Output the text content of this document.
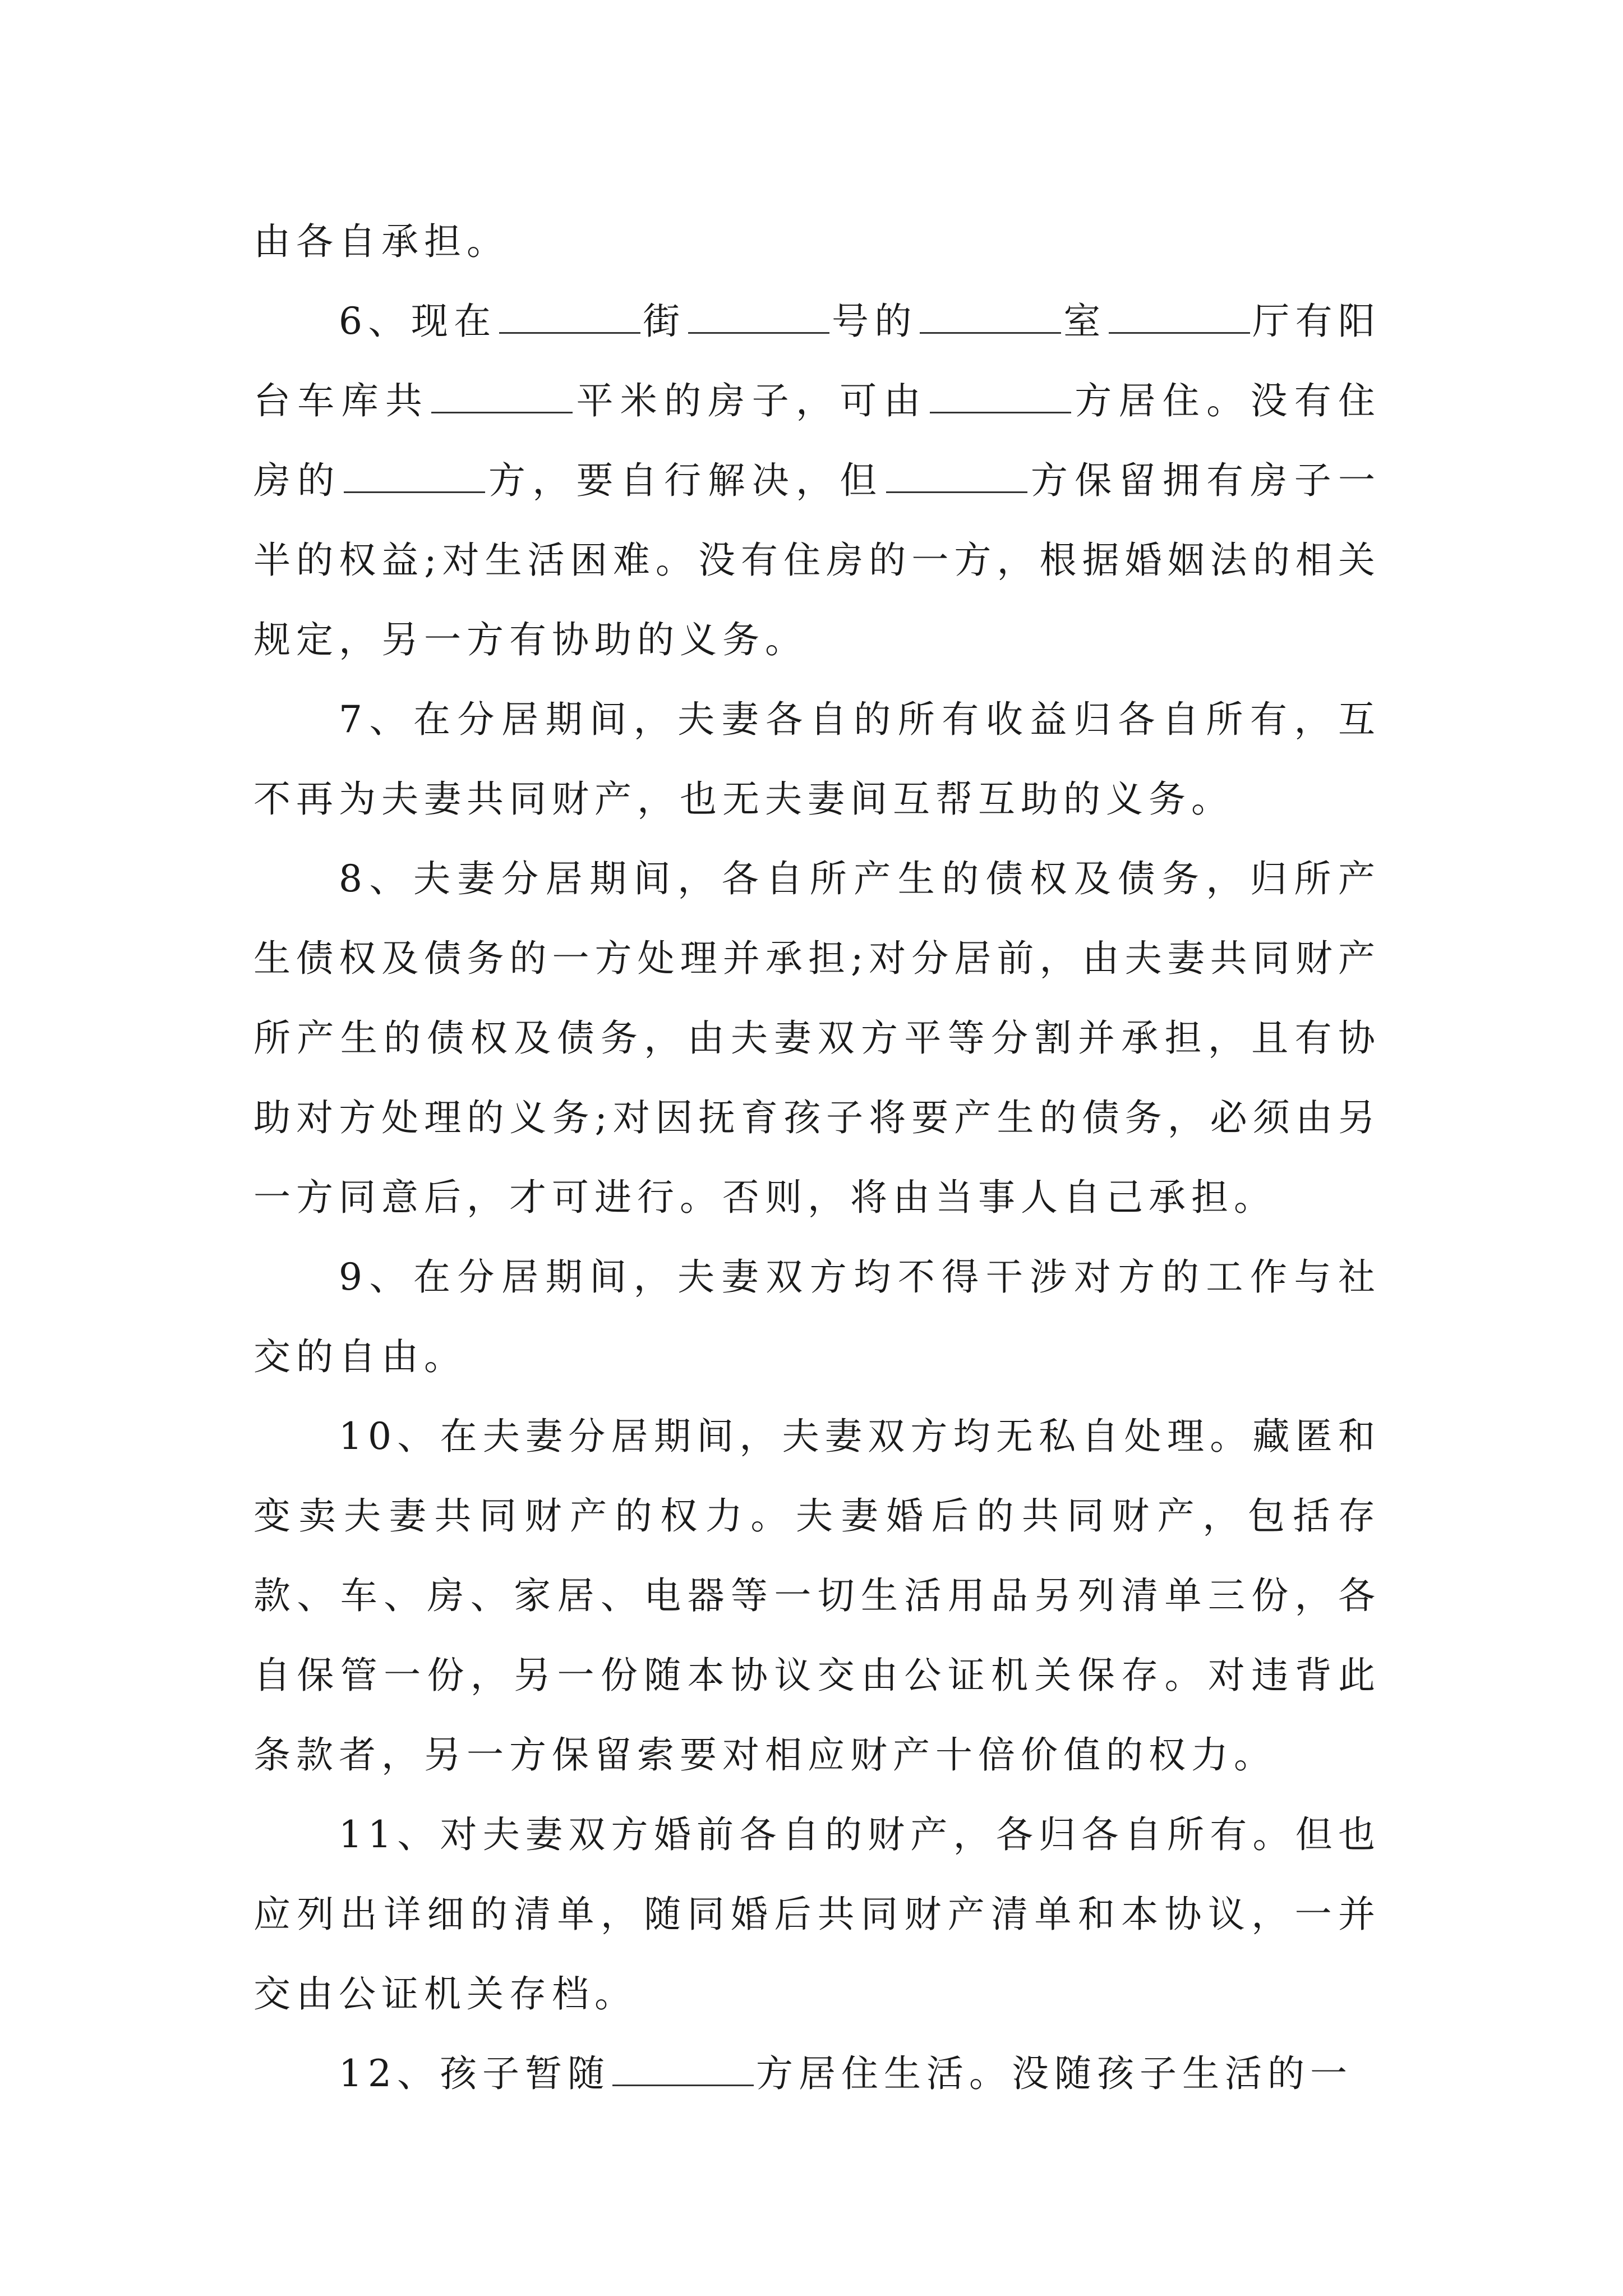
由各自承担。

6、现在	街	号的	室	厅有阳台车库共	平米的房子，可由	方居住。没有住房的	方，要自行解决，但	方保留拥有房子一半的权益;对生活困难。没有住房的一方，根据婚姻法的相关规定，另一方有协助的义务。

7、在分居期间，夫妻各自的所有收益归各自所有，互不再为夫妻共同财产，也无夫妻间互帮互助的义务。

8、夫妻分居期间，各自所产生的债权及债务，归所产生债权及债务的一方处理并承担;对分居前，由夫妻共同财产所产生的债权及债务，由夫妻双方平等分割并承担，且有协助对方处理的义务;对因抚育孩子将要产生的债务，必须由另一方同意后，才可进行。否则，将由当事人自己承担。

9、在分居期间，夫妻双方均不得干涉对方的工作与社交的自由。

10、在夫妻分居期间，夫妻双方均无私自处理。藏匿和变卖夫妻共同财产的权力。夫妻婚后的共同财产，包括存款、车、房、家居、电器等一切生活用品另列清单三份，各自保管一份，另一份随本协议交由公证机关保存。对违背此条款者，另一方保留索要对相应财产十倍价值的权力。

11、对夫妻双方婚前各自的财产，各归各自所有。但也应列出详细的清单，随同婚后共同财产清单和本协议，一并交由公证机关存档。

12、孩子暂随	方居住生活。没随孩子生活的一
